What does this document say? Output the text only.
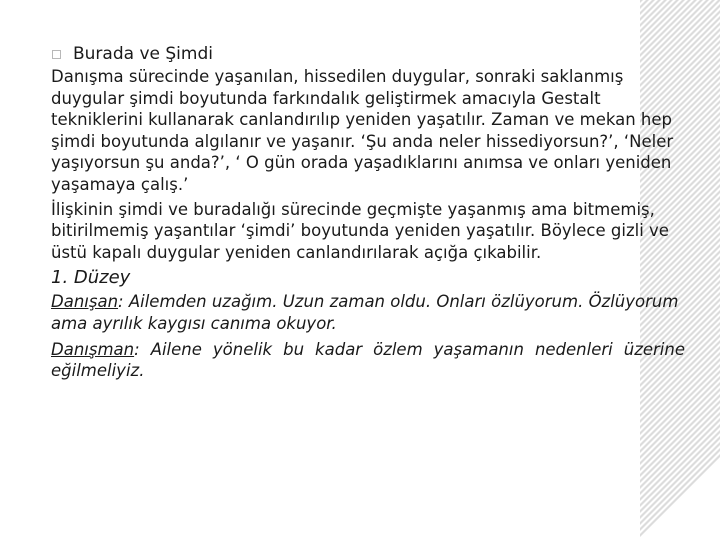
Burada ve Şimdi

Danışma sürecinde yaşanılan, hissedilen duygular, sonraki saklanmış duygular şimdi boyutunda farkındalık geliştirmek amacıyla Gestalt tekniklerini kullanarak canlandırılıp yeniden yaşatılır. Zaman ve mekan hep şimdi boyutunda algılanır ve yaşanır. ‘Şu anda neler hissediyorsun?’, ‘Neler yaşıyorsun şu anda?’, ‘ O gün orada yaşadıklarını anımsa ve onları yeniden yaşamaya çalış.’

İlişkinin şimdi ve buradalığı sürecinde geçmişte yaşanmış ama bitmemiş, bitirilmemiş yaşantılar ‘şimdi’ boyutunda yeniden yaşatılır. Böylece gizli ve üstü kapalı duygular yeniden canlandırılarak açığa çıkabilir.

1. Düzey

Danışan: Ailemden uzağım. Uzun zaman oldu. Onları özlüyorum. Özlüyorum ama ayrılık kaygısı canıma okuyor.

Danışman: Ailene yönelik bu kadar özlem yaşamanın nedenleri üzerine eğilmeliyiz.
